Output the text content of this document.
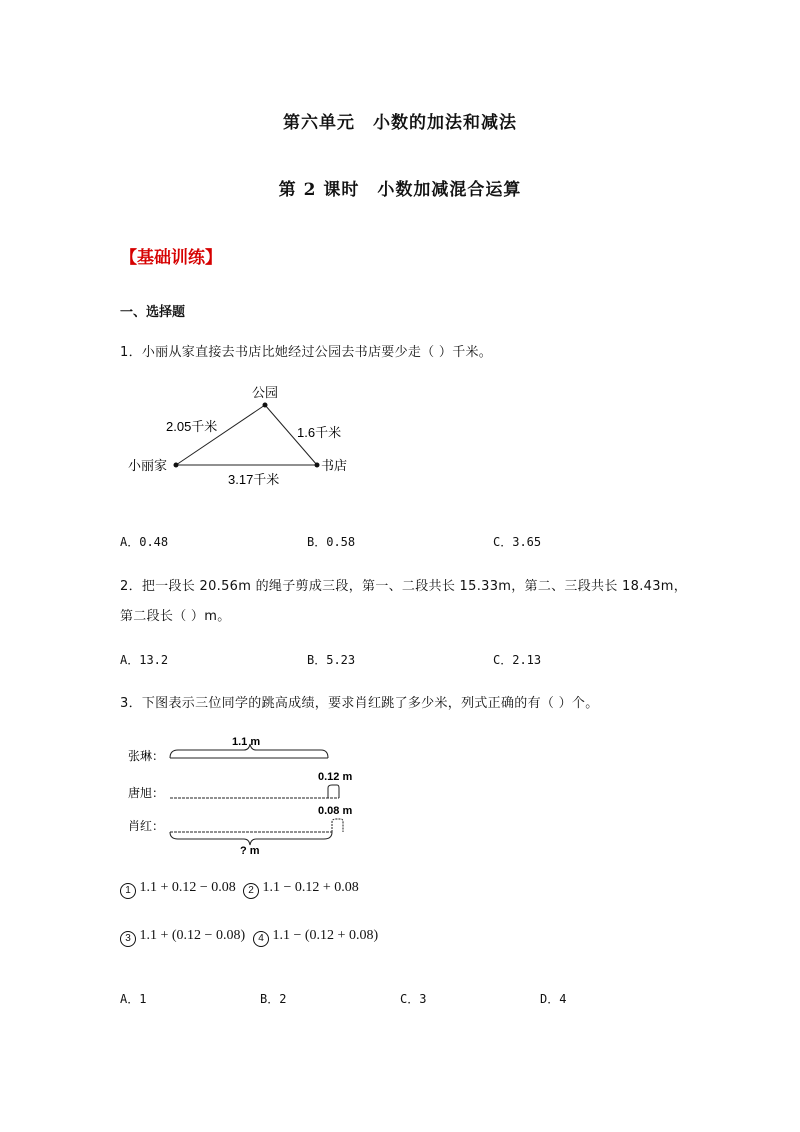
第六单元　小数的加法和减法
第 2 课时　小数加减混合运算
【基础训练】
一、选择题
1．小丽从家直接去书店比她经过公园去书店要少走（ ）千米。
公园
小丽家	书店
2.05千米	1.6千米
3.17千米
A．0.48	B．0.58	C．3.65
2．把一段长 20.56m 的绳子剪成三段，第一、二段共长 15.33m，第二、三段共长 18.43m，
第二段长（ ）m。
A．13.2	B．5.23	C．2.13
3．下图表示三位同学的跳高成绩，要求肖红跳了多少米，列式正确的有（ ）个。
张琳：
1.1 m
唐旭：
0.12 m
肖红：
0.08 m
? m
1 1.1 + 0.12 − 0.08	2 1.1 − 0.12 + 0.08
3 1.1 + (0.12 − 0.08)	4 1.1 − (0.12 + 0.08)
A．1	B．2	C．3	D．4
